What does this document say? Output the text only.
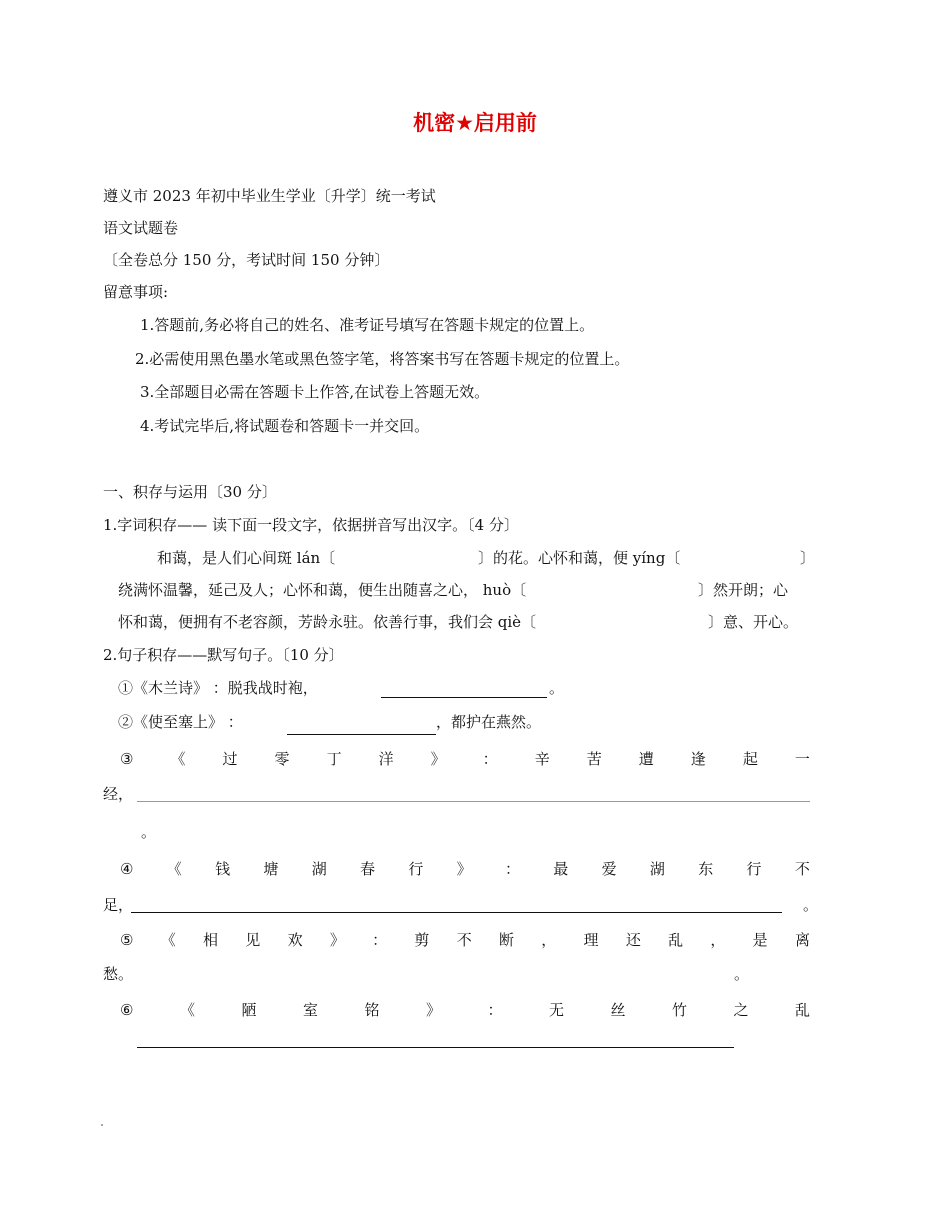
机密★启用前
遵义市 2023 年初中毕业生学业〔升学〕统一考试
语文试题卷
〔全卷总分 150 分，考试时间 150 分钟〕
留意事项:
1.答题前,务必将自己的姓名、准考证号填写在答题卡规定的位置上。
2.必需使用黑色墨水笔或黑色签字笔，将答案书写在答题卡规定的位置上。
3.全部题目必需在答题卡上作答,在试卷上答题无效。
4.考试完毕后,将试题卷和答题卡一并交回。
一、积存与运用〔30 分〕
1.字词积存—— 读下面一段文字，依据拼音写出汉字。〔4 分〕
和蔼，是人们心间斑 lán〔	〕的花。心怀和蔼，便 yíng〔	〕
绕满怀温馨，延己及人；心怀和蔼，便生出随喜之心， huò〔	〕然开朗；心
怀和蔼，便拥有不老容颜，芳龄永驻。依善行事，我们会 qiè〔	〕意、开心。
2.句子积存——默写句子。〔10 分〕
①《木兰诗》 ：脱我战时袍，	。
②《使至塞上》 ：	，都护在燕然。
③ 《 过 零 丁 洋 》 ： 辛 苦 遭 逢 起 一
经，
。
④ 《 钱 塘 湖 春 行 》 ： 最 爱 湖 东 行 不
足，	。
⑤ 《 相 见 欢 》 ： 剪 不 断 ， 理 还 乱 ， 是 离
愁。	。
⑥	《	陋	室	铭	》	：	无	丝	竹	之	乱
